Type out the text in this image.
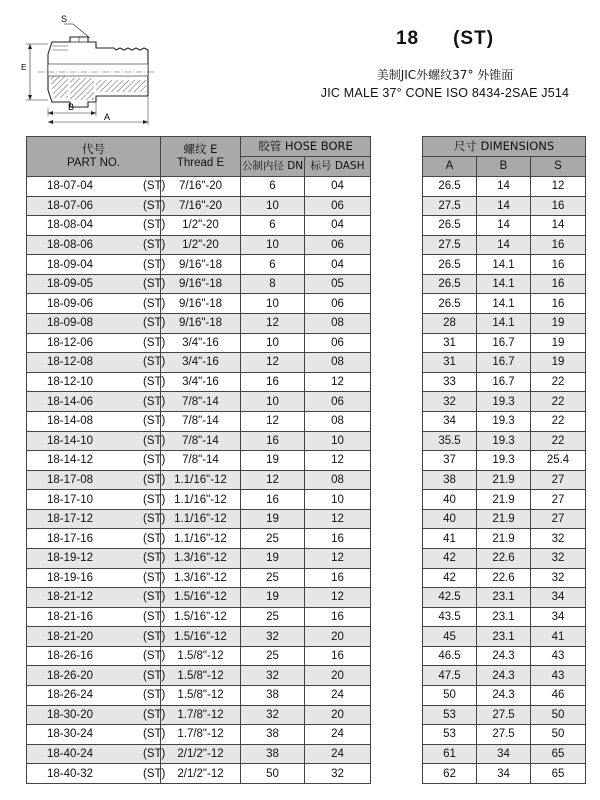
S
E
B
A
18 (ST)
美制JIC外螺纹37° 外锥面
JIC MALE 37° CONE ISO 8434-2SAE J514
代号
PART NO.	螺纹 E
Thread E	胶管 HOSE BORE			尺寸 DIMENSIONS		
		公制内径 DN	标号 DASH		A	B	S
18-07-04 (ST)	7/16"-20	6	04		26.5	14	12
18-07-06 (ST)	7/16"-20	10	06		27.5	14	16
18-08-04 (ST)	1/2"-20	6	04		26.5	14	14
18-08-06 (ST)	1/2"-20	10	06		27.5	14	16
18-09-04 (ST)	9/16"-18	6	04		26.5	14.1	16
18-09-05 (ST)	9/16"-18	8	05		26.5	14.1	16
18-09-06 (ST)	9/16"-18	10	06		26.5	14.1	16
18-09-08 (ST)	9/16"-18	12	08		28	14.1	19
18-12-06 (ST)	3/4"-16	10	06		31	16.7	19
18-12-08 (ST)	3/4"-16	12	08		31	16.7	19
18-12-10 (ST)	3/4"-16	16	12		33	16.7	22
18-14-06 (ST)	7/8"-14	10	06		32	19.3	22
18-14-08 (ST)	7/8"-14	12	08		34	19.3	22
18-14-10 (ST)	7/8"-14	16	10		35.5	19.3	22
18-14-12 (ST)	7/8"-14	19	12		37	19.3	25.4
18-17-08 (ST)	1.1/16"-12	12	08		38	21.9	27
18-17-10 (ST)	1.1/16"-12	16	10		40	21.9	27
18-17-12 (ST)	1.1/16"-12	19	12		40	21.9	27
18-17-16 (ST)	1.1/16"-12	25	16		41	21.9	32
18-19-12 (ST)	1.3/16"-12	19	12		42	22.6	32
18-19-16 (ST)	1.3/16"-12	25	16		42	22.6	32
18-21-12 (ST)	1.5/16"-12	19	12		42.5	23.1	34
18-21-16 (ST)	1.5/16"-12	25	16		43.5	23.1	34
18-21-20 (ST)	1.5/16"-12	32	20		45	23.1	41
18-26-16 (ST)	1.5/8"-12	25	16		46.5	24.3	43
18-26-20 (ST)	1.5/8"-12	32	20		47.5	24.3	43
18-26-24 (ST)	1.5/8"-12	38	24		50	24.3	46
18-30-20 (ST)	1.7/8"-12	32	20		53	27.5	50
18-30-24 (ST)	1.7/8"-12	38	24		53	27.5	50
18-40-24 (ST)	2/1/2"-12	38	24		61	34	65
18-40-32 (ST)	2/1/2"-12	50	32		62	34	65
